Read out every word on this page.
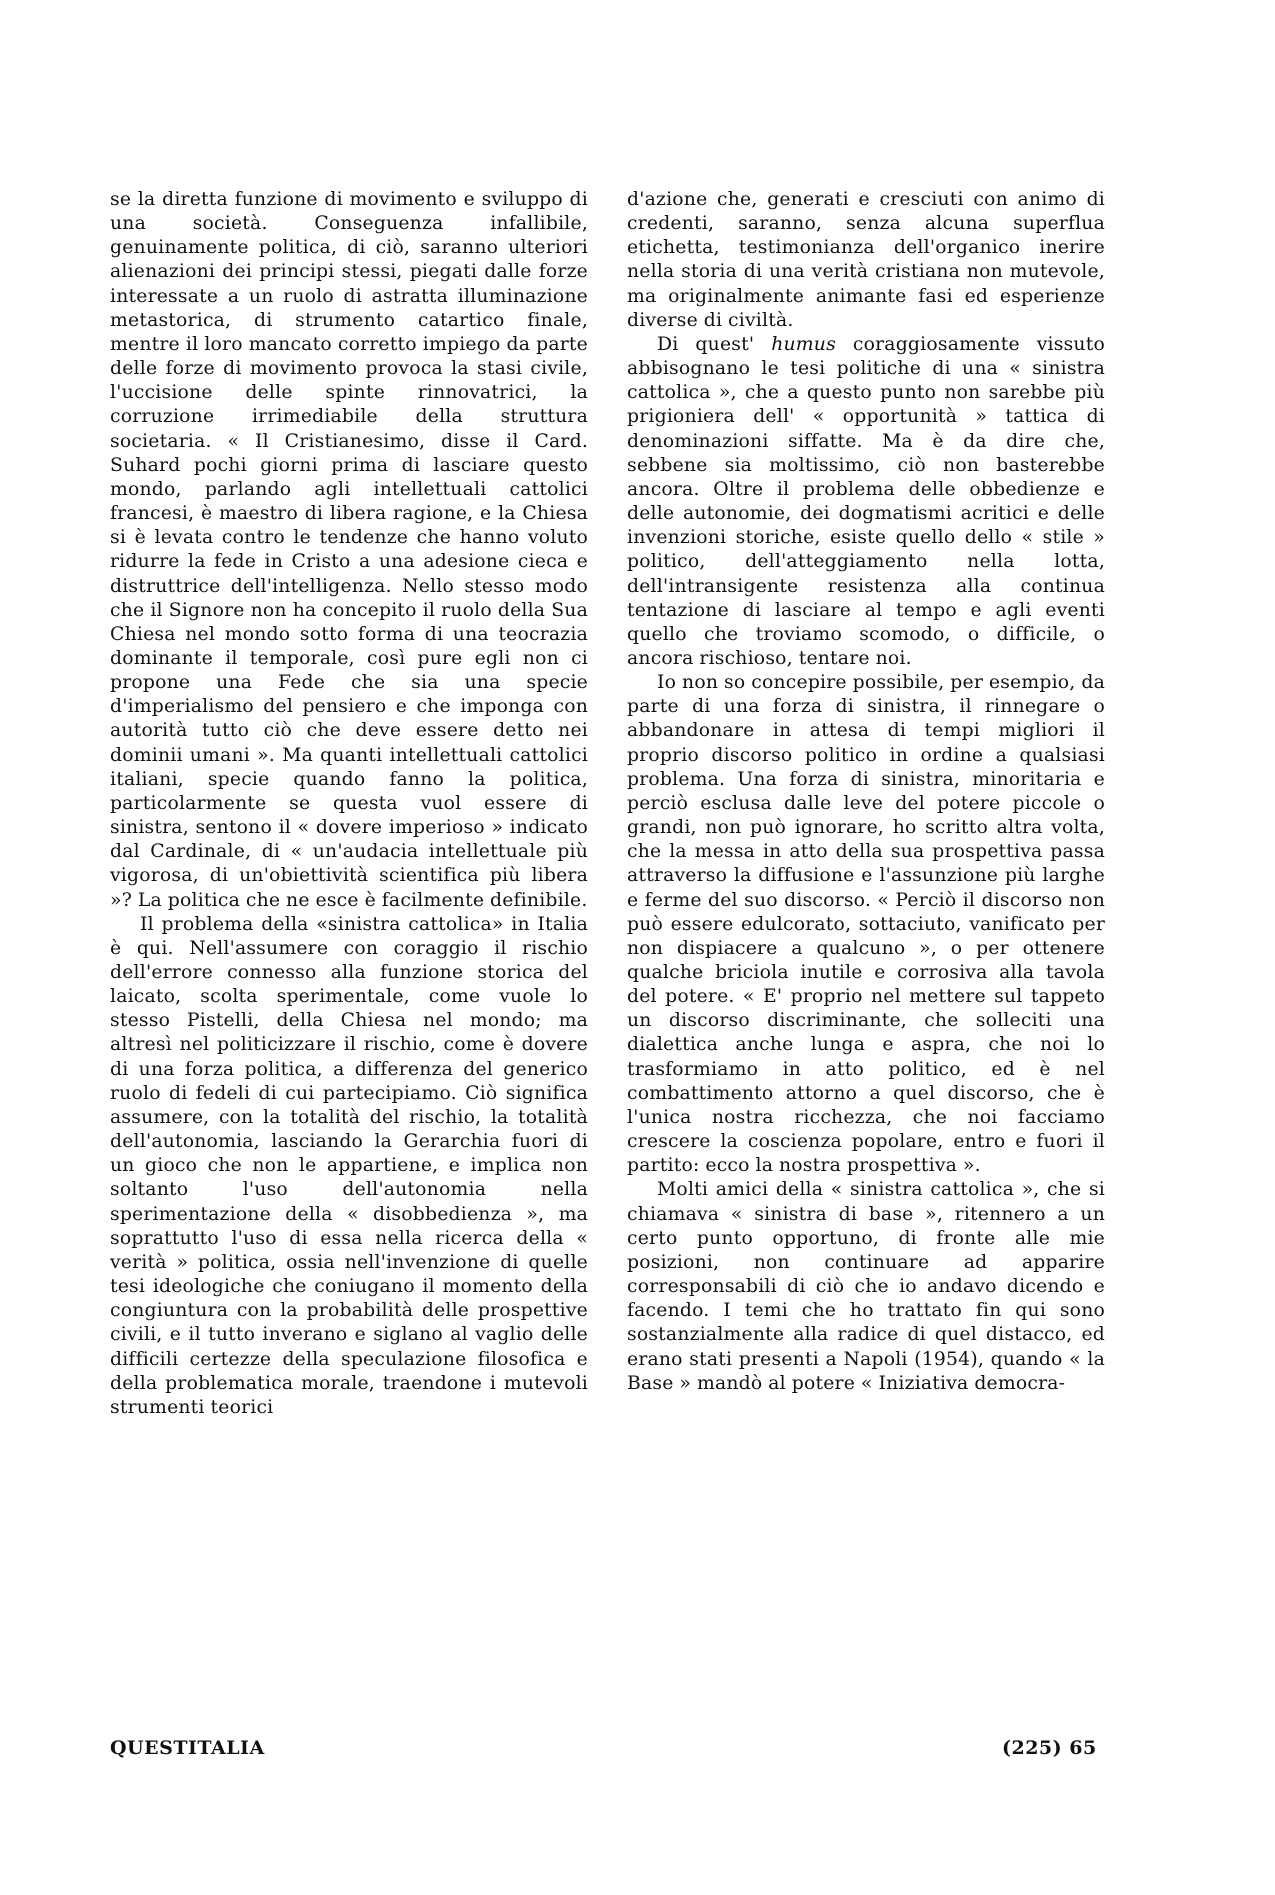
se la diretta funzione di movimento e sviluppo di una società. Conseguenza infallibile, genuinamente politica, di ciò, saranno ulteriori alienazioni dei principi stessi, piegati dalle forze interessate a un ruolo di astratta illuminazione metastorica, di strumento catartico finale, mentre il loro mancato corretto impiego da parte delle forze di movimento provoca la stasi civile, l'uccisione delle spinte rinnovatrici, la corruzione irrimediabile della struttura societaria. « Il Cristianesimo, disse il Card. Suhard pochi giorni prima di lasciare questo mondo, parlando agli intellettuali cattolici francesi, è maestro di libera ragione, e la Chiesa si è levata contro le tendenze che hanno voluto ridurre la fede in Cristo a una adesione cieca e distruttrice dell'intelligenza. Nello stesso modo che il Signore non ha concepito il ruolo della Sua Chiesa nel mondo sotto forma di una teocrazia dominante il temporale, così pure egli non ci propone una Fede che sia una specie d'imperialismo del pensiero e che imponga con autorità tutto ciò che deve essere detto nei dominii umani ». Ma quanti intellettuali cattolici italiani, specie quando fanno la politica, particolarmente se questa vuol essere di sinistra, sentono il « dovere imperioso » indicato dal Cardinale, di « un'audacia intellettuale più vigorosa, di un'obiettività scientifica più libera »? La politica che ne esce è facilmente definibile.

Il problema della «sinistra cattolica» in Italia è qui. Nell'assumere con coraggio il rischio dell'errore connesso alla funzione storica del laicato, scolta sperimentale, come vuole lo stesso Pistelli, della Chiesa nel mondo; ma altresì nel politicizzare il rischio, come è dovere di una forza politica, a differenza del generico ruolo di fedeli di cui partecipiamo. Ciò significa assumere, con la totalità del rischio, la totalità dell'autonomia, lasciando la Gerarchia fuori di un gioco che non le appartiene, e implica non soltanto l'uso dell'autonomia nella sperimentazione della « disobbedienza », ma soprattutto l'uso di essa nella ricerca della « verità » politica, ossia nell'invenzione di quelle tesi ideologiche che coniugano il momento della congiuntura con la probabilità delle prospettive civili, e il tutto inverano e siglano al vaglio delle difficili certezze della speculazione filosofica e della problematica morale, traendone i mutevoli strumenti teorici

d'azione che, generati e cresciuti con animo di credenti, saranno, senza alcuna superflua etichetta, testimonianza dell'organico inerire nella storia di una verità cristiana non mutevole, ma originalmente animante fasi ed esperienze diverse di civiltà.

Di quest' humus coraggiosamente vissuto abbisognano le tesi politiche di una « sinistra cattolica », che a questo punto non sarebbe più prigioniera dell' « opportunità » tattica di denominazioni siffatte. Ma è da dire che, sebbene sia moltissimo, ciò non basterebbe ancora. Oltre il problema delle obbedienze e delle autonomie, dei dogmatismi acritici e delle invenzioni storiche, esiste quello dello « stile » politico, dell'atteggiamento nella lotta, dell'intransigente resistenza alla continua tentazione di lasciare al tempo e agli eventi quello che troviamo scomodo, o difficile, o ancora rischioso, tentare noi.

Io non so concepire possibile, per esempio, da parte di una forza di sinistra, il rinnegare o abbandonare in attesa di tempi migliori il proprio discorso politico in ordine a qualsiasi problema. Una forza di sinistra, minoritaria e perciò esclusa dalle leve del potere piccole o grandi, non può ignorare, ho scritto altra volta, che la messa in atto della sua prospettiva passa attraverso la diffusione e l'assunzione più larghe e ferme del suo discorso. « Perciò il discorso non può essere edulcorato, sottaciuto, vanificato per non dispiacere a qualcuno », o per ottenere qualche briciola inutile e corrosiva alla tavola del potere. « E' proprio nel mettere sul tappeto un discorso discriminante, che solleciti una dialettica anche lunga e aspra, che noi lo trasformiamo in atto politico, ed è nel combattimento attorno a quel discorso, che è l'unica nostra ricchezza, che noi facciamo crescere la coscienza popolare, entro e fuori il partito: ecco la nostra prospettiva ».

Molti amici della « sinistra cattolica », che si chiamava « sinistra di base », ritennero a un certo punto opportuno, di fronte alle mie posizioni, non continuare ad apparire corresponsabili di ciò che io andavo dicendo e facendo. I temi che ho trattato fin qui sono sostanzialmente alla radice di quel distacco, ed erano stati presenti a Napoli (1954), quando « la Base » mandò al potere « Iniziativa democra-

QUESTITALIA	(225) 65
